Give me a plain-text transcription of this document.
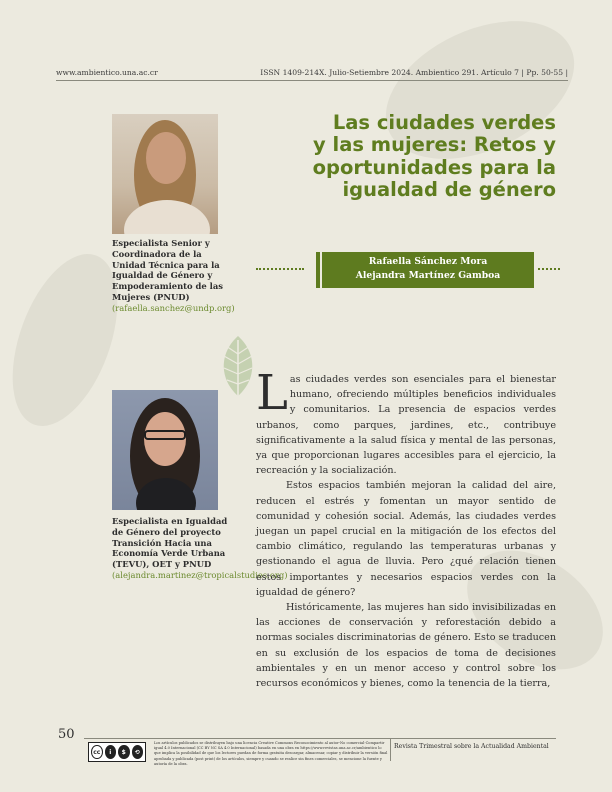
www.ambientico.una.ac.cr	ISSN 1409-214X. Julio-Setiembre 2024. Ambientico 291. Artículo 7 | Pp. 50-55 |
Especialista Senior y Coordinadora de la Unidad Técnica para la Igualdad de Género y Empoderamiento de las Mujeres (PNUD)
(rafaella.sanchez@undp.org)
Especialista en Igualdad de Género del proyecto Transición Hacia una Economía Verde Urbana (TEVU), OET y PNUD
(alejandra.martinez@tropicalstudies.org)
Las ciudades verdes
y las mujeres: Retos y
oportunidades para la
igualdad de género
Rafaella Sánchez Mora
Alejandra Martínez Gamboa

Las ciudades verdes son esenciales para el bienestar humano, ofreciendo múltiples beneficios individuales y comunitarios. La presencia de espacios verdes urbanos, como parques, jardines, etc., contribuye significativamente a la salud física y mental de las personas, ya que proporcionan lugares accesibles para el ejercicio, la recreación y la socialización.

Estos espacios también mejoran la calidad del aire, reducen el estrés y fomentan un mayor sentido de comunidad y cohesión social. Además, las ciudades verdes juegan un papel crucial en la mitigación de los efectos del cambio climático, regulando las temperaturas urbanas y gestionando el agua de lluvia. Pero ¿qué relación tienen estos importantes y necesarios espacios verdes con la igualdad de género?

Históricamente, las mujeres han sido invisibilizadas en las acciones de conservación y reforestación debido a normas sociales discriminatorias de género. Esto se traducen en su exclusión de los espacios de toma de decisiones ambientales y en un menor acceso y control sobre los recursos económicos y bienes, como la tenencia de la tierra,

50
cc	i	$	⟲
Los artículos publicados se distribuyen bajo una licencia Creative Commons Reconocimiento al autor-No comercial-Compartir igual 4.0 Internacional (CC BY NC SA 4.0 Internacional) basada en una obra en https://www.revistas.una.ac.cr/ambientico lo que implica la posibilidad de que los lectores puedan de forma gratuita descargar, almacenar, copiar y distribuir la versión final aprobada y publicada (post print) de los artículos, siempre y cuando se realice sin fines comerciales, se mencione la fuente y autoría de la obra.
Revista Trimestral sobre la Actualidad Ambiental
